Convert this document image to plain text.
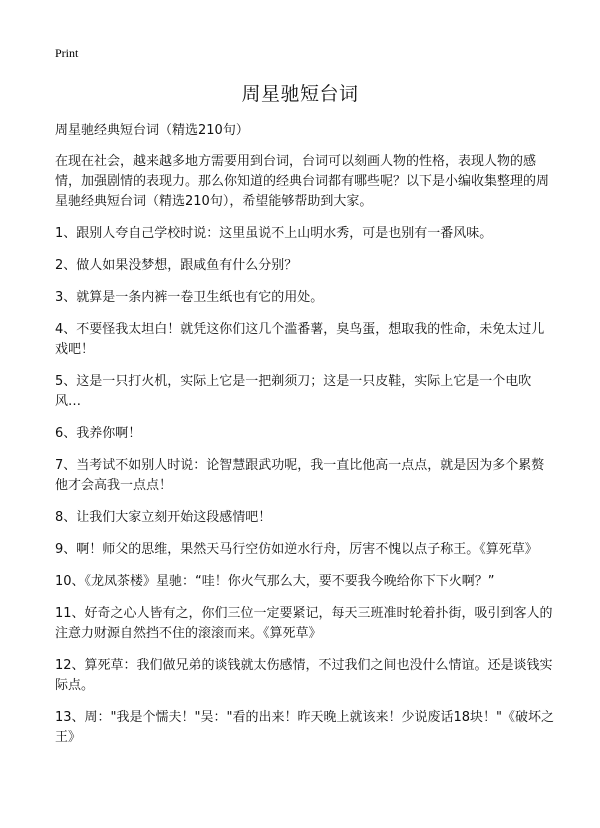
Print
周星驰短台词

周星驰经典短台词（精选210句）

在现在社会，越来越多地方需要用到台词，台词可以刻画人物的性格，表现人物的感情，加强剧情的表现力。那么你知道的经典台词都有哪些呢？以下是小编收集整理的周星驰经典短台词（精选210句），希望能够帮助到大家。

1、跟别人夸自己学校时说：这里虽说不上山明水秀，可是也别有一番风味。

2、做人如果没梦想，跟咸鱼有什么分别？

3、就算是一条内裤一卷卫生纸也有它的用处。

4、不要怪我太坦白！就凭这你们这几个滥番薯，臭鸟蛋，想取我的性命，未免太过儿戏吧！

5、这是一只打火机，实际上它是一把剃须刀；这是一只皮鞋，实际上它是一个电吹风…

6、我养你啊！

7、当考试不如别人时说：论智慧跟武功呢，我一直比他高一点点，就是因为多个累赘他才会高我一点点！

8、让我们大家立刻开始这段感情吧！

9、啊！师父的思维，果然天马行空仿如逆水行舟，厉害不愧以点子称王。《算死草》

10、《龙凤茶楼》星驰：“哇！你火气那么大，要不要我今晚给你下下火啊？”

11、好奇之心人皆有之，你们三位一定要紧记，每天三班准时轮着扑街，吸引到客人的注意力财源自然挡不住的滚滚而来。《算死草》

12、算死草：我们做兄弟的谈钱就太伤感情，不过我们之间也没什么情谊。还是谈钱实际点。

13、周："我是个懦夫！"吴："看的出来！昨天晚上就该来！少说废话18块！"《破坏之王》
